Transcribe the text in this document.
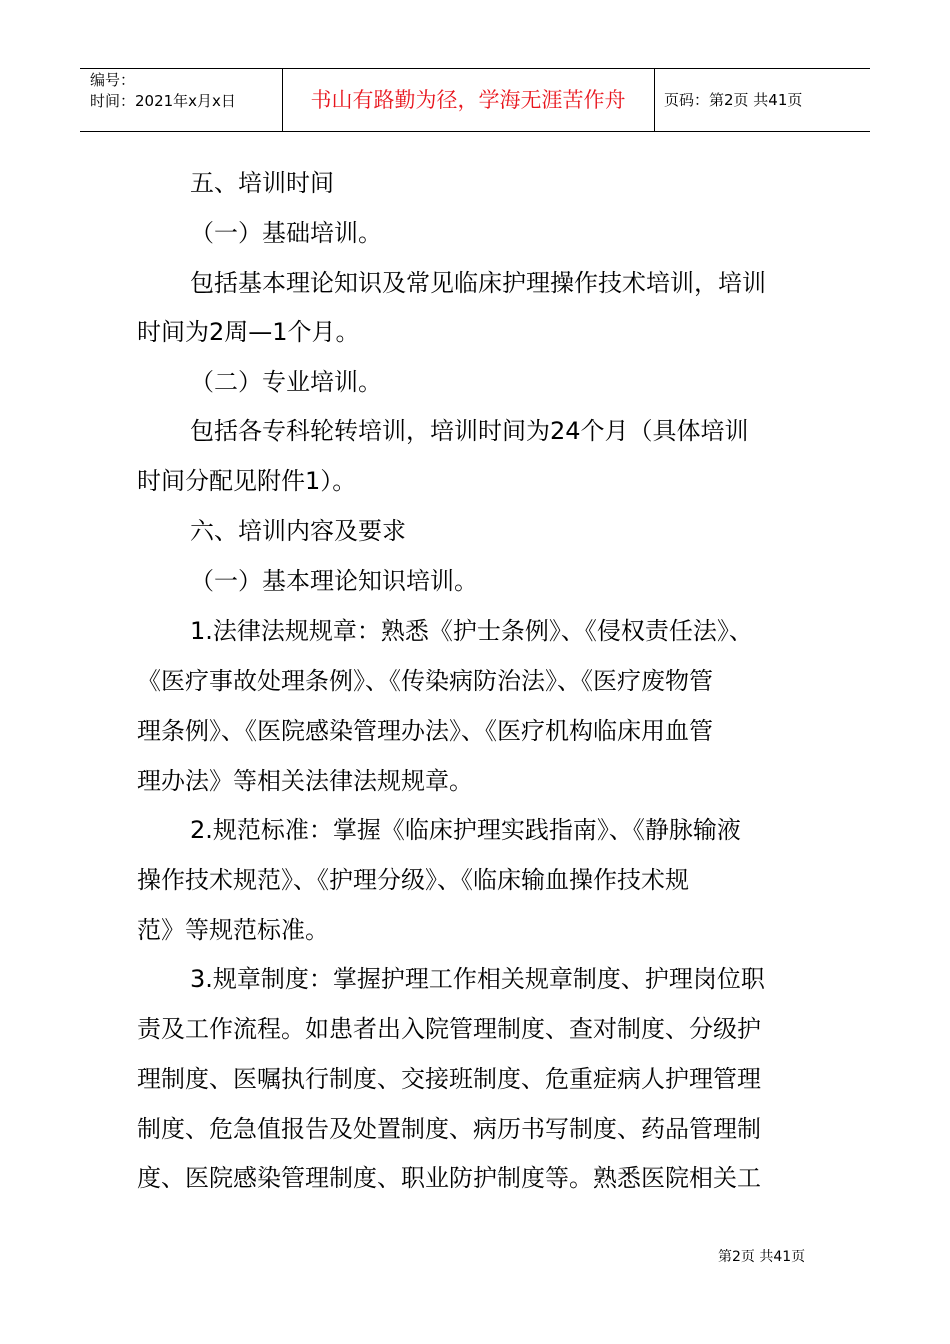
编号：
时间：2021年x月x日	书山有路勤为径，学海无涯苦作舟	页码：第2页 共41页

五、培训时间

（一）基础培训。

包括基本理论知识及常见临床护理操作技术培训，培训

时间为2周—1个月。

（二）专业培训。

包括各专科轮转培训，培训时间为24个月（具体培训

时间分配见附件1）。

六、培训内容及要求

（一）基本理论知识培训。

1.法律法规规章：熟悉《护士条例》、《侵权责任法》、

《医疗事故处理条例》、《传染病防治法》、《医疗废物管

理条例》、《医院感染管理办法》、《医疗机构临床用血管

理办法》等相关法律法规规章。

2.规范标准：掌握《临床护理实践指南》、《静脉输液

操作技术规范》、《护理分级》、《临床输血操作技术规

范》等规范标准。

3.规章制度：掌握护理工作相关规章制度、护理岗位职

责及工作流程。如患者出入院管理制度、查对制度、分级护

理制度、医嘱执行制度、交接班制度、危重症病人护理管理

制度、危急值报告及处置制度、病历书写制度、药品管理制

度、医院感染管理制度、职业防护制度等。熟悉医院相关工

第2页 共41页
